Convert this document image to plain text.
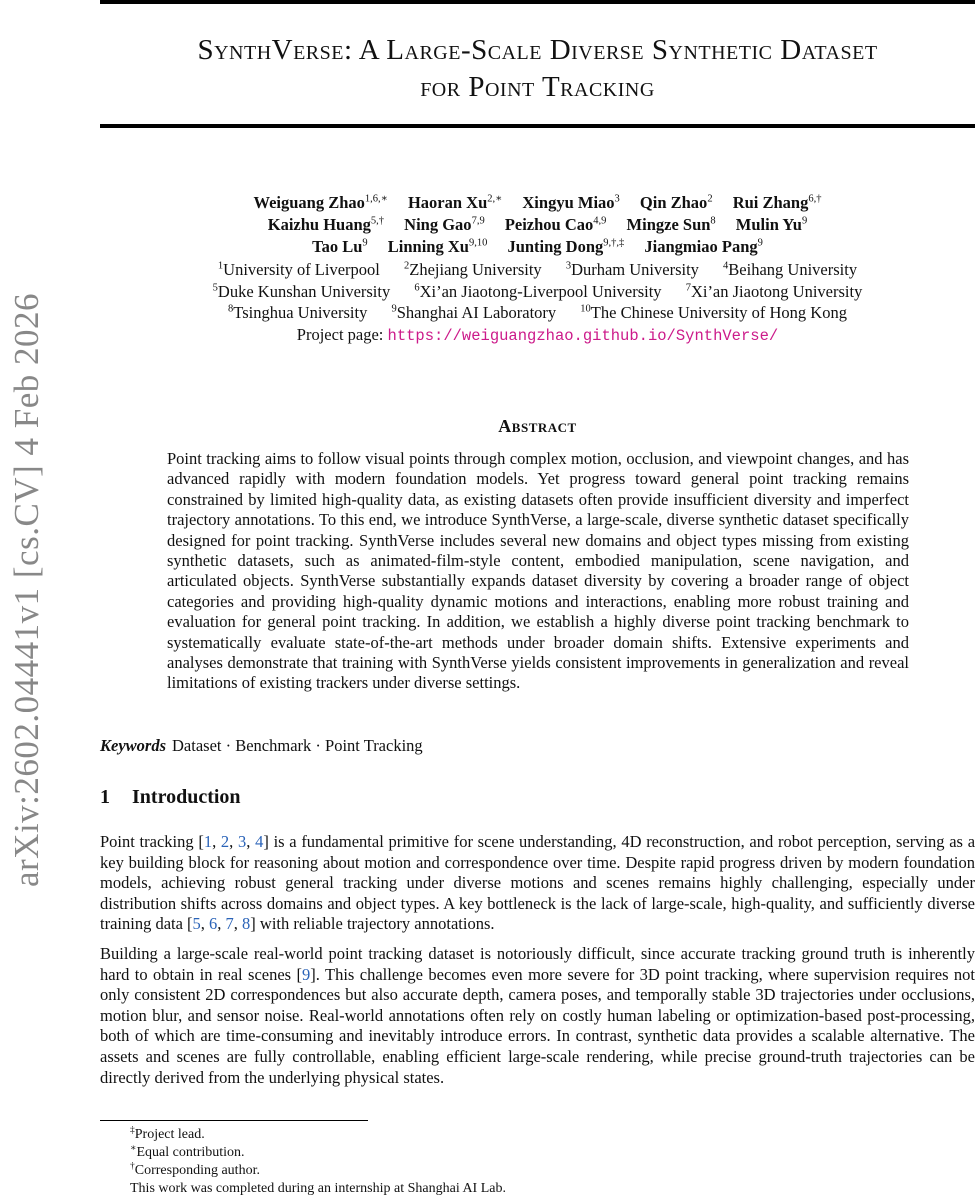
arXiv:2602.04441v1 [cs.CV] 4 Feb 2026
SynthVerse: A Large-Scale Diverse Synthetic Dataset
for Point Tracking
Weiguang Zhao$^{1,6,∗}$ Haoran $Xu^{2,∗}$ Xingyu Miao$^3$ Qin Zhao$^2$ Rui Zhang$^{6,\dagger}$
Kaizhu Huang$^{5,\dagger}$ Ning Gao$^{7,9}$ Peizhou Cao$^{4,9}$ Mingze Sun$^8$ Mulin Yu$^9$
Tao Lu$^9$ Linning Xu$^{9,10}$ Junting Dong$^{9,\dagger,\ddagger}$ Jiangmiao Pang$^9$
$^1$University of Liverpool $^2$Zhejiang University $^3$Durham University $^4$Beihang University
$^5$Duke Kunshan University $^6$Xi’an Jiaotong-Liverpool University $^7$Xi’an Jiaotong University
$^8$Tsinghua University $^9$Shanghai AI Laboratory $^{10}$The Chinese University of Hong Kong
Project page: https://weiguangzhao.github.io/SynthVerse/
Abstract
Point tracking aims to follow visual points through complex motion, occlusion, and viewpoint changes, and has advanced rapidly with modern foundation models. Yet progress toward general point tracking remains constrained by limited high-quality data, as existing datasets often provide insufficient diversity and imperfect trajectory annotations. To this end, we introduce SynthVerse, a large-scale, diverse synthetic dataset specifically designed for point tracking. SynthVerse includes several new domains and object types missing from existing synthetic datasets, such as animated-film-style content, embodied manipulation, scene navigation, and articulated objects. SynthVerse substantially expands dataset diversity by covering a broader range of object categories and providing high-quality dynamic motions and interactions, enabling more robust training and evaluation for general point tracking. In addition, we establish a highly diverse point tracking benchmark to systematically evaluate state-of-the-art methods under broader domain shifts. Extensive experiments and analyses demonstrate that training with SynthVerse yields consistent improvements in generalization and reveal limitations of existing trackers under diverse settings.
Keywords Dataset · Benchmark · Point Tracking
1 Introduction
Point tracking [1, 2, 3, 4] is a fundamental primitive for scene understanding, 4D reconstruction, and robot perception, serving as a key building block for reasoning about motion and correspondence over time. Despite rapid progress driven by modern foundation models, achieving robust general tracking under diverse motions and scenes remains highly challenging, especially under distribution shifts across domains and object types. A key bottleneck is the lack of large-scale, high-quality, and sufficiently diverse training data [5, 6, 7, 8] with reliable trajectory annotations.
Building a large-scale real-world point tracking dataset is notoriously difficult, since accurate tracking ground truth is inherently hard to obtain in real scenes [9]. This challenge becomes even more severe for 3D point tracking, where supervision requires not only consistent 2D correspondences but also accurate depth, camera poses, and temporally stable 3D trajectories under occlusions, motion blur, and sensor noise. Real-world annotations often rely on costly human labeling or optimization-based post-processing, both of which are time-consuming and inevitably introduce errors. In contrast, synthetic data provides a scalable alternative. The assets and scenes are fully controllable, enabling efficient large-scale rendering, while precise ground-truth trajectories can be directly derived from the underlying physical states.
‡Project lead.
∗Equal contribution.
†Corresponding author.
This work was completed during an internship at Shanghai AI Lab.
